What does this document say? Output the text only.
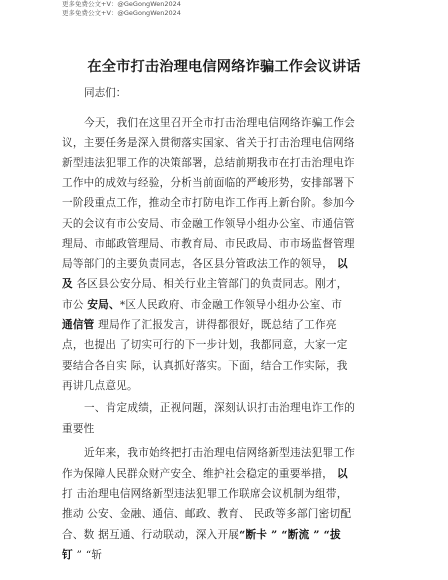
更多免费公文+V：@GeGongWen2024
更多免费公文+V：@GeGongWen2024
在全市打击治理电信网络诈骗工作会议讲话
同志们：
今天，我们在这里召开全市打击治理电信网络诈骗工作会
议，主要任务是深入贯彻落实国家、省关于打击治理电信网络
新型违法犯罪工作的决策部署，总结前期我市在打击治理电诈
工作中的成效与经验，分析当前面临的严峻形势，安排部署下
一阶段重点工作，推动全市打防电诈工作再上新台阶。参加今
天的会议有市公安局、市金融工作领导小组办公室、市通信管
理局、市邮政管理局、市教育局、市民政局、市市场监督管理
局等部门的主要负责同志，各区县分管政法工作的领导， 以
及 各区县公安分局、相关行业主管部门的负责同志。刚才，
市公 安局、*区人民政府、市金融工作领导小组办公室、市
通信管 理局作了汇报发言，讲得都很好，既总结了工作亮
点，也提出 了切实可行的下一步计划，我都同意，大家一定
要结合各自实 际，认真抓好落实。下面，结合工作实际，我
再讲几点意见。
一、肯定成绩，正视问题，深刻认识打击治理电诈工作的
重要性
近年来，我市始终把打击治理电信网络新型违法犯罪工作
作为保障人民群众财产安全、维护社会稳定的重要举措， 以
打 击治理电信网络新型违法犯罪工作联席会议机制为组带，
推动 公安、金融、通信、邮政、教育、 民政等多部门密切配
合、数 据互通、行动联动，深入开展“断卡 ” “断流 ” “拔
钉 ” “斩
